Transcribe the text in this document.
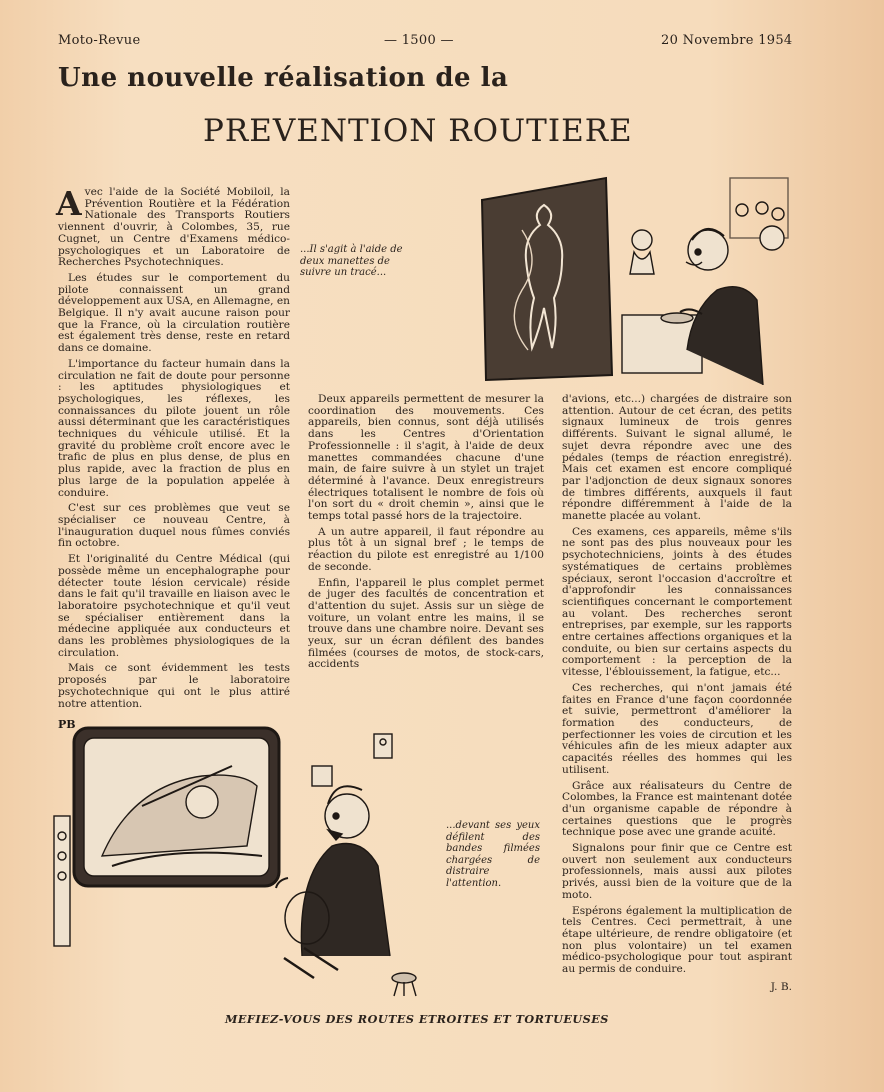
Moto-Revue	— 1500 —	20 Novembre 1954
Une nouvelle réalisation de la
PREVENTION ROUTIERE
...Il s'agit à l'aide de deux manettes de suivre un tracé...

Avec l'aide de la Société Mobiloil, la Prévention Routière et la Fédération Nationale des Transports Routiers viennent d'ouvrir, à Colombes, 35, rue Cugnet, un Centre d'Examens médico-psychologiques et un Laboratoire de Recherches Psychotechniques.

Les études sur le comportement du pilote connaissent un grand développement aux USA, en Allemagne, en Belgique. Il n'y avait aucune raison pour que la France, où la circulation routière est également très dense, reste en retard dans ce domaine.

L'importance du facteur humain dans la circulation ne fait de doute pour personne : les aptitudes physiologiques et psychologiques, les réflexes, les connaissances du pilote jouent un rôle aussi déterminant que les caractéristiques techniques du véhicule utilisé. Et la gravité du problème croît encore avec le trafic de plus en plus dense, de plus en plus rapide, avec la fraction de plus en plus large de la population appelée à conduire.

C'est sur ces problèmes que veut se spécialiser ce nouveau Centre, à l'inauguration duquel nous fûmes conviés fin octobre.

Et l'originalité du Centre Médical (qui possède même un encephalographe pour détecter toute lésion cervicale) réside dans le fait qu'il travaille en liaison avec le laboratoire psychotechnique et qu'il veut se spécialiser entièrement dans la médecine appliquée aux conducteurs et dans les problèmes physiologiques de la circulation.

Mais ce sont évidemment les tests proposés par le laboratoire psychotechnique qui ont le plus attiré notre attention.

Deux appareils permettent de mesurer la coordination des mouvements. Ces appareils, bien connus, sont déjà utilisés dans les Centres d'Orientation Professionnelle : il s'agit, à l'aide de deux manettes commandées chacune d'une main, de faire suivre à un stylet un trajet déterminé à l'avance. Deux enregistreurs électriques totalisent le nombre de fois où l'on sort du « droit chemin », ainsi que le temps total passé hors de la trajectoire.

A un autre appareil, il faut répondre au plus tôt à un signal bref ; le temps de réaction du pilote est enregistré au 1/100 de seconde.

Enfin, l'appareil le plus complet permet de juger des facultés de concentration et d'attention du sujet. Assis sur un siège de voiture, un volant entre les mains, il se trouve dans une chambre noire. Devant ses yeux, sur un écran défilent des bandes filmées (courses de motos, de stock-cars, accidents

d'avions, etc...) chargées de distraire son attention. Autour de cet écran, des petits signaux lumineux de trois genres différents. Suivant le signal allumé, le sujet devra répondre avec une des pédales (temps de réaction enregistré). Mais cet examen est encore compliqué par l'adjonction de deux signaux sonores de timbres différents, auxquels il faut répondre différemment à l'aide de la manette placée au volant.

Ces examens, ces appareils, même s'ils ne sont pas des plus nouveaux pour les psychotechniciens, joints à des études systématiques de certains problèmes spéciaux, seront l'occasion d'accroître et d'approfondir les connaissances scientifiques concernant le comportement au volant. Des recherches seront entreprises, par exemple, sur les rapports entre certaines affections organiques et la conduite, ou bien sur certains aspects du comportement : la perception de la vitesse, l'éblouissement, la fatigue, etc...

Ces recherches, qui n'ont jamais été faites en France d'une façon coordonnée et suivie, permettront d'améliorer la formation des conducteurs, de perfectionner les voies de circution et les véhicules afin de les mieux adapter aux capacités réelles des hommes qui les utilisent.

Grâce aux réalisateurs du Centre de Colombes, la France est maintenant dotée d'un organisme capable de répondre à certaines questions que le progrès technique pose avec une grande acuité.

Signalons pour finir que ce Centre est ouvert non seulement aux conducteurs professionnels, mais aussi aux pilotes privés, aussi bien de la voiture que de la moto.

Espérons également la multiplication de tels Centres. Ceci permettrait, à une étape ultérieure, de rendre obligatoire (et non plus volontaire) un tel examen médico-psychologique pour tout aspirant au permis de conduire.

J. B.
PB
...devant ses yeux défilent des bandes filmées chargées de distraire l'attention.
MEFIEZ-VOUS DES ROUTES ETROITES ET TORTUEUSES
